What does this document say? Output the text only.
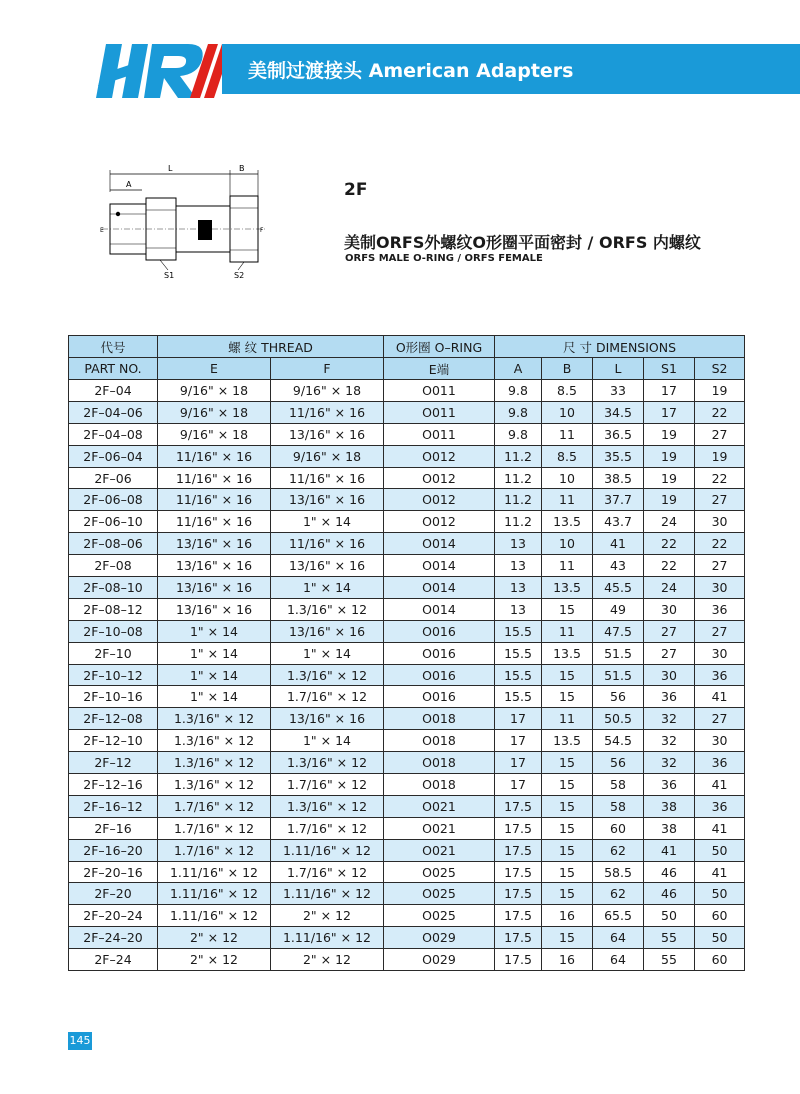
美制过渡接头 American Adapters
L	B
A
E	F
S1	S2
2F
美制ORFS外螺纹O形圈平面密封 / ORFS 内螺纹
ORFS MALE O-RING / ORFS FEMALE
代号	螺 纹 THREAD		O形圈 O–RING	尺 寸 DIMENSIONS				
PART NO.	E	F	E端	A	B	L	S1	S2
2F–04	9/16" × 18	9/16" × 18	O011	9.8	8.5	33	17	19
2F–04–06	9/16" × 18	11/16" × 16	O011	9.8	10	34.5	17	22
2F–04–08	9/16" × 18	13/16" × 16	O011	9.8	11	36.5	19	27
2F–06–04	11/16" × 16	9/16" × 18	O012	11.2	8.5	35.5	19	19
2F–06	11/16" × 16	11/16" × 16	O012	11.2	10	38.5	19	22
2F–06–08	11/16" × 16	13/16" × 16	O012	11.2	11	37.7	19	27
2F–06–10	11/16" × 16	1" × 14	O012	11.2	13.5	43.7	24	30
2F–08–06	13/16" × 16	11/16" × 16	O014	13	10	41	22	22
2F–08	13/16" × 16	13/16" × 16	O014	13	11	43	22	27
2F–08–10	13/16" × 16	1" × 14	O014	13	13.5	45.5	24	30
2F–08–12	13/16" × 16	1.3/16" × 12	O014	13	15	49	30	36
2F–10–08	1" × 14	13/16" × 16	O016	15.5	11	47.5	27	27
2F–10	1" × 14	1" × 14	O016	15.5	13.5	51.5	27	30
2F–10–12	1" × 14	1.3/16" × 12	O016	15.5	15	51.5	30	36
2F–10–16	1" × 14	1.7/16" × 12	O016	15.5	15	56	36	41
2F–12–08	1.3/16" × 12	13/16" × 16	O018	17	11	50.5	32	27
2F–12–10	1.3/16" × 12	1" × 14	O018	17	13.5	54.5	32	30
2F–12	1.3/16" × 12	1.3/16" × 12	O018	17	15	56	32	36
2F–12–16	1.3/16" × 12	1.7/16" × 12	O018	17	15	58	36	41
2F–16–12	1.7/16" × 12	1.3/16" × 12	O021	17.5	15	58	38	36
2F–16	1.7/16" × 12	1.7/16" × 12	O021	17.5	15	60	38	41
2F–16–20	1.7/16" × 12	1.11/16" × 12	O021	17.5	15	62	41	50
2F–20–16	1.11/16" × 12	1.7/16" × 12	O025	17.5	15	58.5	46	41
2F–20	1.11/16" × 12	1.11/16" × 12	O025	17.5	15	62	46	50
2F–20–24	1.11/16" × 12	2" × 12	O025	17.5	16	65.5	50	60
2F–24–20	2" × 12	1.11/16" × 12	O029	17.5	15	64	55	50
2F–24	2" × 12	2" × 12	O029	17.5	16	64	55	60
145
